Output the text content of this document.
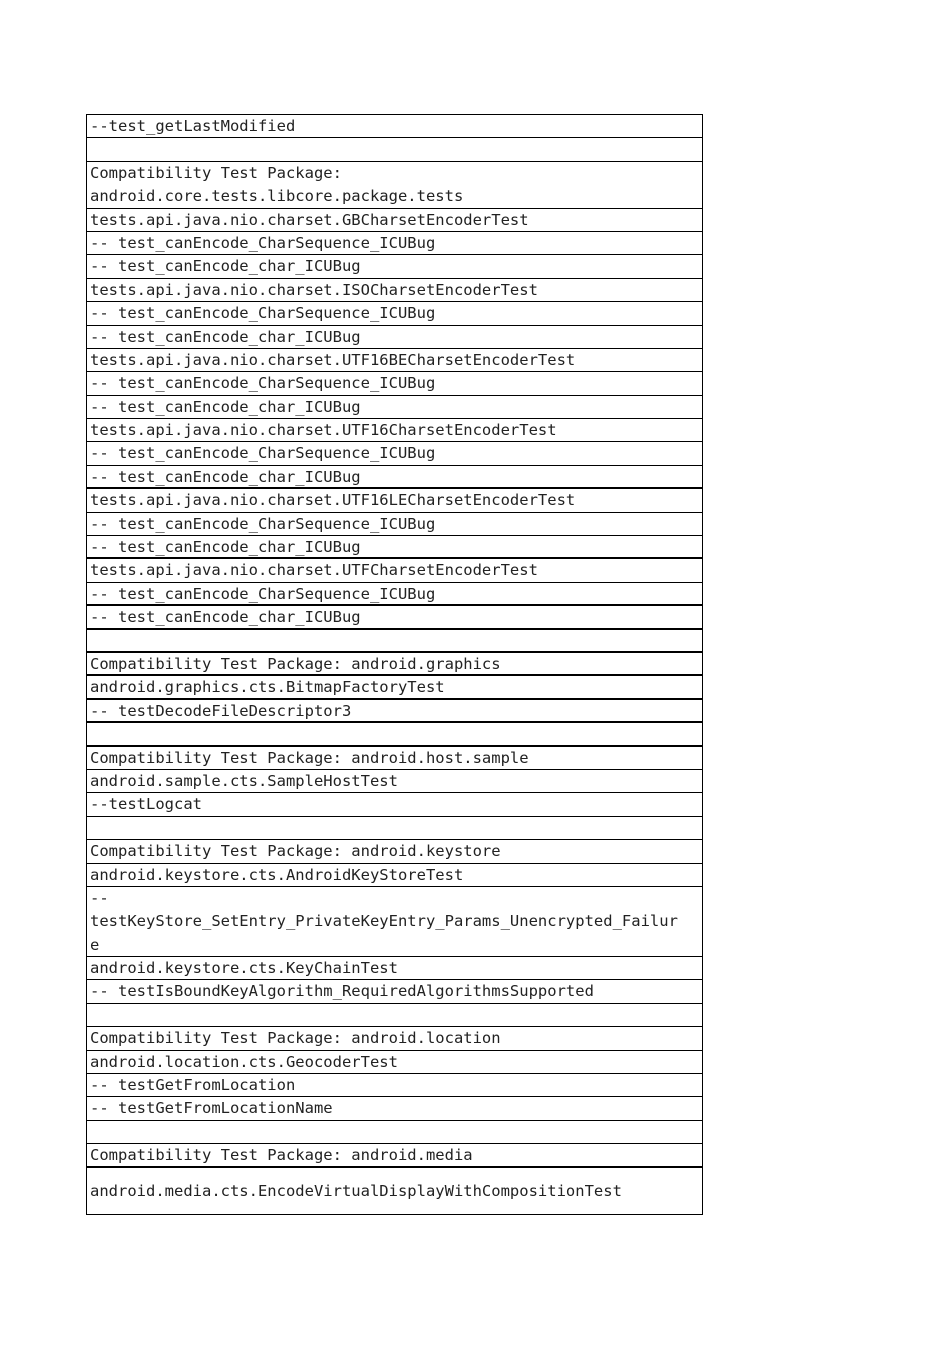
--test_getLastModified
Compatibility Test Package:
android.core.tests.libcore.package.tests
tests.api.java.nio.charset.GBCharsetEncoderTest
-- test_canEncode_CharSequence_ICUBug
-- test_canEncode_char_ICUBug
tests.api.java.nio.charset.ISOCharsetEncoderTest
-- test_canEncode_CharSequence_ICUBug
-- test_canEncode_char_ICUBug
tests.api.java.nio.charset.UTF16BECharsetEncoderTest
-- test_canEncode_CharSequence_ICUBug
-- test_canEncode_char_ICUBug
tests.api.java.nio.charset.UTF16CharsetEncoderTest
-- test_canEncode_CharSequence_ICUBug
-- test_canEncode_char_ICUBug
tests.api.java.nio.charset.UTF16LECharsetEncoderTest
-- test_canEncode_CharSequence_ICUBug
-- test_canEncode_char_ICUBug
tests.api.java.nio.charset.UTFCharsetEncoderTest
-- test_canEncode_CharSequence_ICUBug
-- test_canEncode_char_ICUBug
Compatibility Test Package: android.graphics
android.graphics.cts.BitmapFactoryTest
-- testDecodeFileDescriptor3
Compatibility Test Package: android.host.sample
android.sample.cts.SampleHostTest
--testLogcat
Compatibility Test Package: android.keystore
android.keystore.cts.AndroidKeyStoreTest
--
testKeyStore_SetEntry_PrivateKeyEntry_Params_Unencrypted_Failur
e
android.keystore.cts.KeyChainTest
-- testIsBoundKeyAlgorithm_RequiredAlgorithmsSupported
Compatibility Test Package: android.location
android.location.cts.GeocoderTest
-- testGetFromLocation
-- testGetFromLocationName
Compatibility Test Package: android.media
android.media.cts.EncodeVirtualDisplayWithCompositionTest
